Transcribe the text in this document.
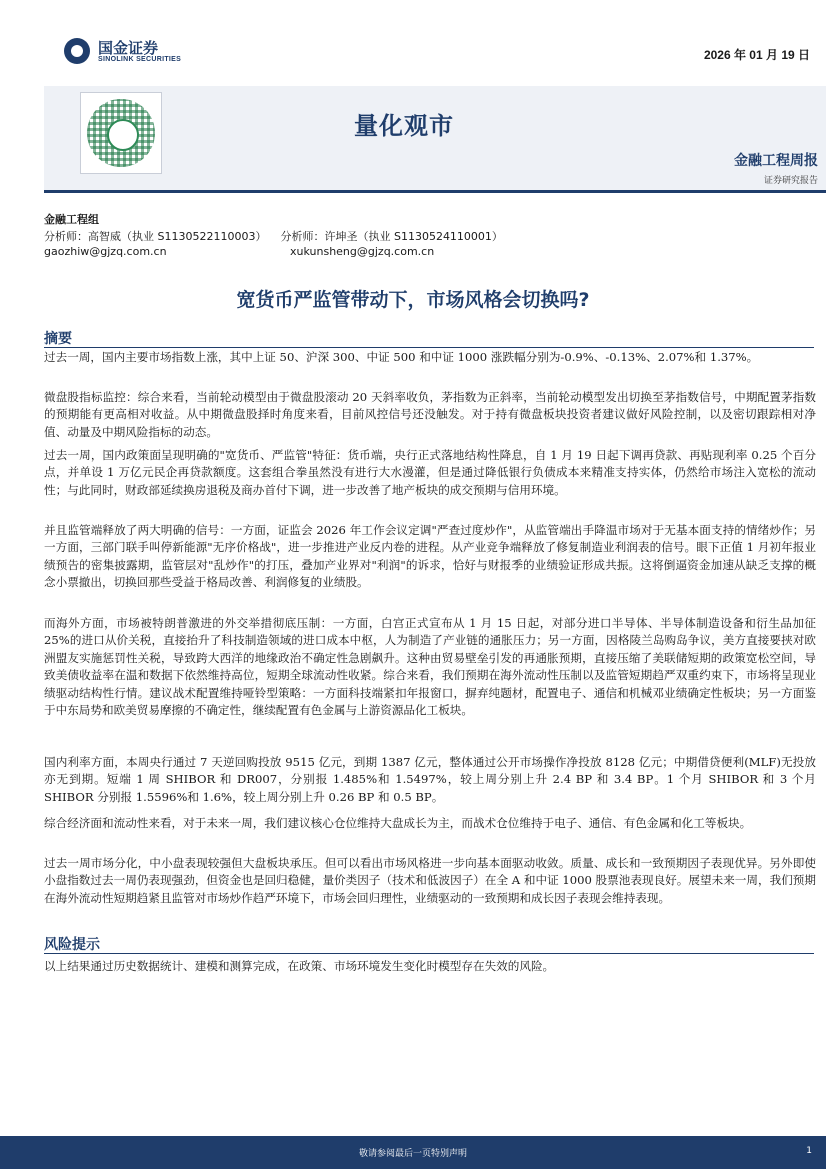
国金证券
SINOLINK SECURITIES	2026 年 01 月 19 日
量化观市
金融工程周报
证券研究报告
金融工程组
分析师：高智威（执业 S1130522110003） 分析师：许坤圣（执业 S1130524110001）
gaozhiw@gjzq.com.cn	xukunsheng@gjzq.com.cn
宽货币严监管带动下，市场风格会切换吗?
摘要
过去一周，国内主要市场指数上涨，其中上证 50、沪深 300、中证 500 和中证 1000 涨跌幅分别为-0.9%、-0.13%、2.07%和 1.37%。
微盘股指标监控：综合来看，当前轮动模型由于微盘股滚动 20 天斜率收负，茅指数为正斜率，当前轮动模型发出切换至茅指数信号，中期配置茅指数的预期能有更高相对收益。从中期微盘股择时角度来看，目前风控信号还没触发。对于持有微盘板块投资者建议做好风险控制，以及密切跟踪相对净值、动量及中期风险指标的动态。
过去一周，国内政策面呈现明确的"宽货币、严监管"特征：货币端，央行正式落地结构性降息，自 1 月 19 日起下调再贷款、再贴现利率 0.25 个百分点，并单设 1 万亿元民企再贷款额度。这套组合拳虽然没有进行大水漫灌，但是通过降低银行负债成本来精准支持实体，仍然给市场注入宽松的流动性；与此同时，财政部延续换房退税及商办首付下调，进一步改善了地产板块的成交预期与信用环境。
并且监管端释放了两大明确的信号：一方面，证监会 2026 年工作会议定调"严查过度炒作"，从监管端出手降温市场对于无基本面支持的情绪炒作；另一方面，三部门联手叫停新能源"无序价格战"，进一步推进产业反内卷的进程。从产业竞争端释放了修复制造业利润表的信号。眼下正值 1 月初年报业绩预告的密集披露期，监管层对"乱炒作"的打压，叠加产业界对"利润"的诉求，恰好与财报季的业绩验证形成共振。这将倒逼资金加速从缺乏支撑的概念小票撤出，切换回那些受益于格局改善、利润修复的业绩股。
而海外方面，市场被特朗普激进的外交举措彻底压制：一方面，白宫正式宣布从 1 月 15 日起，对部分进口半导体、半导体制造设备和衍生品加征 25%的进口从价关税，直接抬升了科技制造领域的进口成本中枢，人为制造了产业链的通胀压力；另一方面，因格陵兰岛购岛争议，美方直接要挟对欧洲盟友实施惩罚性关税，导致跨大西洋的地缘政治不确定性急剧飙升。这种由贸易壁垒引发的再通胀预期，直接压缩了美联储短期的政策宽松空间，导致美债收益率在温和数据下依然维持高位，短期全球流动性收紧。综合来看，我们预期在海外流动性压制以及监管短期趋严双重约束下，市场将呈现业绩驱动结构性行情。建议战术配置维持哑铃型策略：一方面科技端紧扣年报窗口，摒弃纯题材，配置电子、通信和机械邓业绩确定性板块；另一方面鉴于中东局势和欧美贸易摩擦的不确定性，继续配置有色金属与上游资源品化工板块。
国内利率方面，本周央行通过 7 天逆回购投放 9515 亿元，到期 1387 亿元，整体通过公开市场操作净投放 8128 亿元；中期借贷便利(MLF)无投放亦无到期。短端 1 周 SHIBOR 和 DR007，分别报 1.485%和 1.5497%，较上周分别上升 2.4 BP 和 3.4 BP。1 个月 SHIBOR 和 3 个月 SHIBOR 分别报 1.5596%和 1.6%，较上周分别上升 0.26 BP 和 0.5 BP。
综合经济面和流动性来看，对于未来一周，我们建议核心仓位维持大盘成长为主，而战术仓位维持于电子、通信、有色金属和化工等板块。
过去一周市场分化，中小盘表现较强但大盘板块承压。但可以看出市场风格进一步向基本面驱动收敛。质量、成长和一致预期因子表现优异。另外即使小盘指数过去一周仍表现强劲，但资金也是回归稳健，量价类因子（技术和低波因子）在全 A 和中证 1000 股票池表现良好。展望未来一周，我们预期在海外流动性短期趋紧且监管对市场炒作趋严环境下，市场会回归理性，业绩驱动的一致预期和成长因子表现会维持表现。
风险提示
以上结果通过历史数据统计、建模和测算完成，在政策、市场环境发生变化时模型存在失效的风险。
敬请参阅最后一页特别声明	1
